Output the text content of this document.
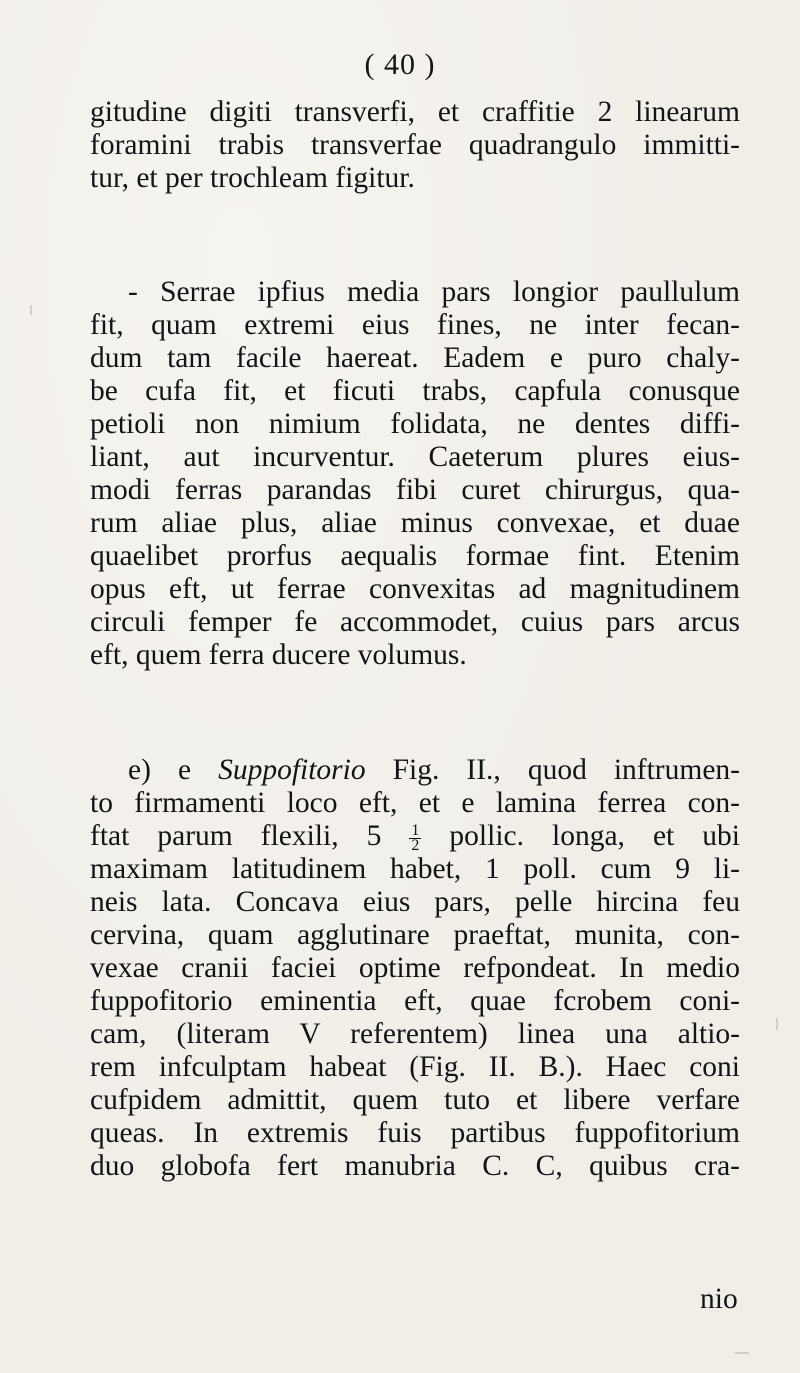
( 40 )
gitudine digiti transverfi, et craffitie 2 linearum
foramini trabis transverfae quadrangulo immitti-
tur, et per trochleam figitur.
- Serrae ipfius media pars longior paullulum
fit, quam extremi eius fines, ne inter fecan-
dum tam facile haereat. Eadem e puro chaly-
be cufa fit, et ficuti trabs, capfula conusque
petioli non nimium folidata, ne dentes diffi-
liant, aut incurventur. Caeterum plures eius-
modi ferras parandas fibi curet chirurgus, qua-
rum aliae plus, aliae minus convexae, et duae
quaelibet prorfus aequalis formae fint. Etenim
opus eft, ut ferrae convexitas ad magnitudinem
circuli femper fe accommodet, cuius pars arcus
eft, quem ferra ducere volumus.
e) e Suppofitorio Fig. II., quod inftrumen-
to firmamenti loco eft, et e lamina ferrea con-
ftat parum flexili, $5 \frac{1}{2}$ pollic. longa, et ubi
maximam latitudinem habet, 1 poll. cum 9 li-
neis lata. Concava eius pars, pelle hircina feu
cervina, quam agglutinare praeftat, munita, con-
vexae cranii faciei optime refpondeat. In medio
fuppofitorio eminentia eft, quae fcrobem coni-
cam, (literam V referentem) linea una altio-
rem infculptam habeat (Fig. II. B.). Haec coni
cufpidem admittit, quem tuto et libere verfare
queas. In extremis fuis partibus fuppofitorium
duo globofa fert manubria C. C, quibus cra-
nio
